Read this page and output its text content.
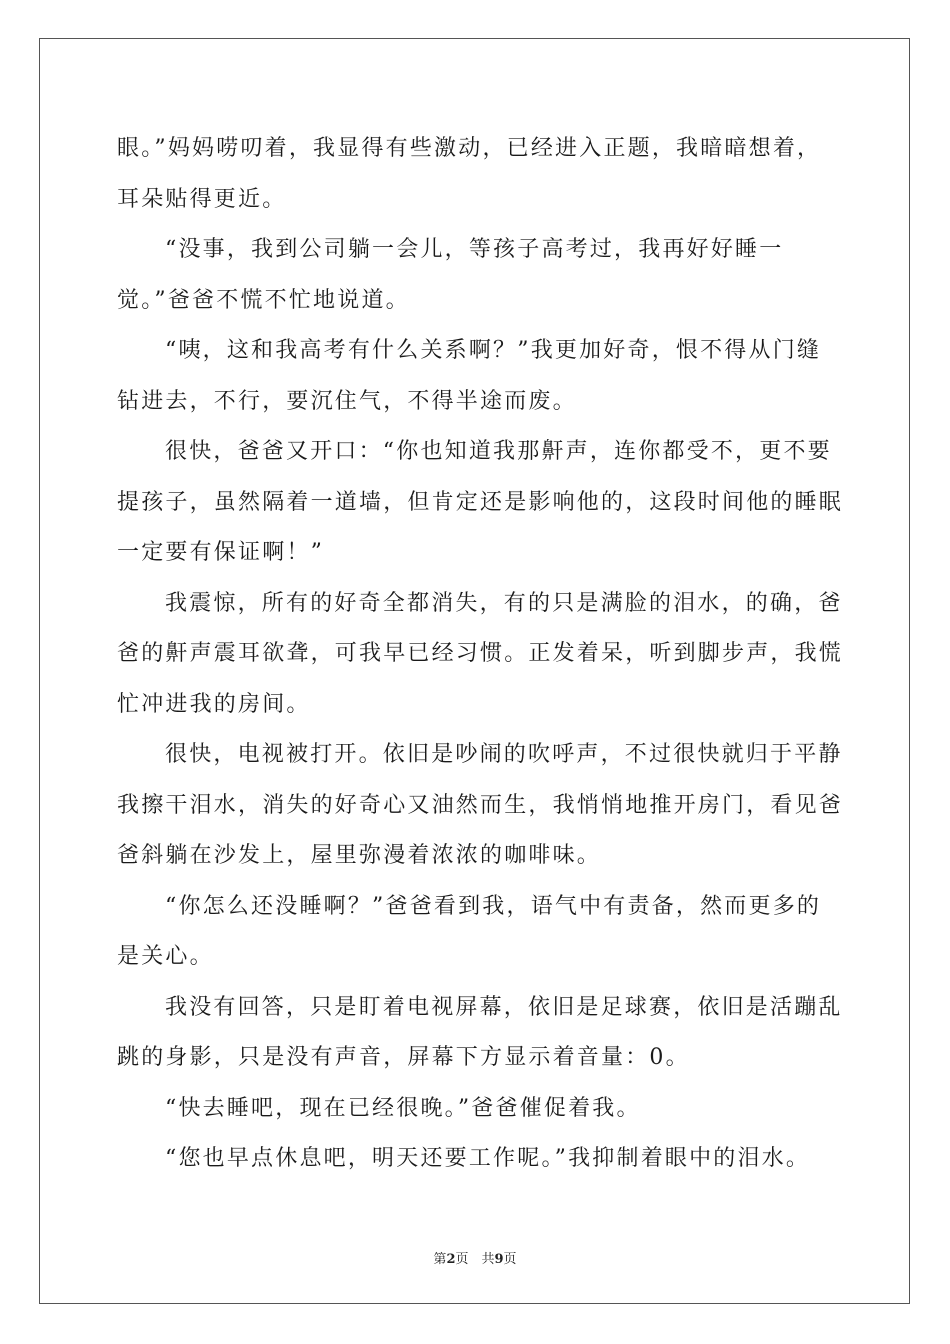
眼。”妈妈唠叨着，我显得有些激动，已经进入正题，我暗暗想着，
耳朵贴得更近。
“没事，我到公司躺一会儿，等孩子高考过，我再好好睡一
觉。”爸爸不慌不忙地说道。
“咦，这和我高考有什么关系啊？”我更加好奇，恨不得从门缝
钻进去，不行，要沉住气，不得半途而废。
很快，爸爸又开口：“你也知道我那鼾声，连你都受不，更不要
提孩子，虽然隔着一道墙，但肯定还是影响他的，这段时间他的睡眠
一定要有保证啊！”
我震惊，所有的好奇全都消失，有的只是满脸的泪水，的确，爸
爸的鼾声震耳欲聋，可我早已经习惯。正发着呆，听到脚步声，我慌
忙冲进我的房间。
很快，电视被打开。依旧是吵闹的吹呼声，不过很快就归于平静
我擦干泪水，消失的好奇心又油然而生，我悄悄地推开房门，看见爸
爸斜躺在沙发上，屋里弥漫着浓浓的咖啡味。
“你怎么还没睡啊？”爸爸看到我，语气中有责备，然而更多的
是关心。
我没有回答，只是盯着电视屏幕，依旧是足球赛，依旧是活蹦乱
跳的身影，只是没有声音，屏幕下方显示着音量：0。
“快去睡吧，现在已经很晚。”爸爸催促着我。
“您也早点休息吧，明天还要工作呢。”我抑制着眼中的泪水。
第2页　共9页
